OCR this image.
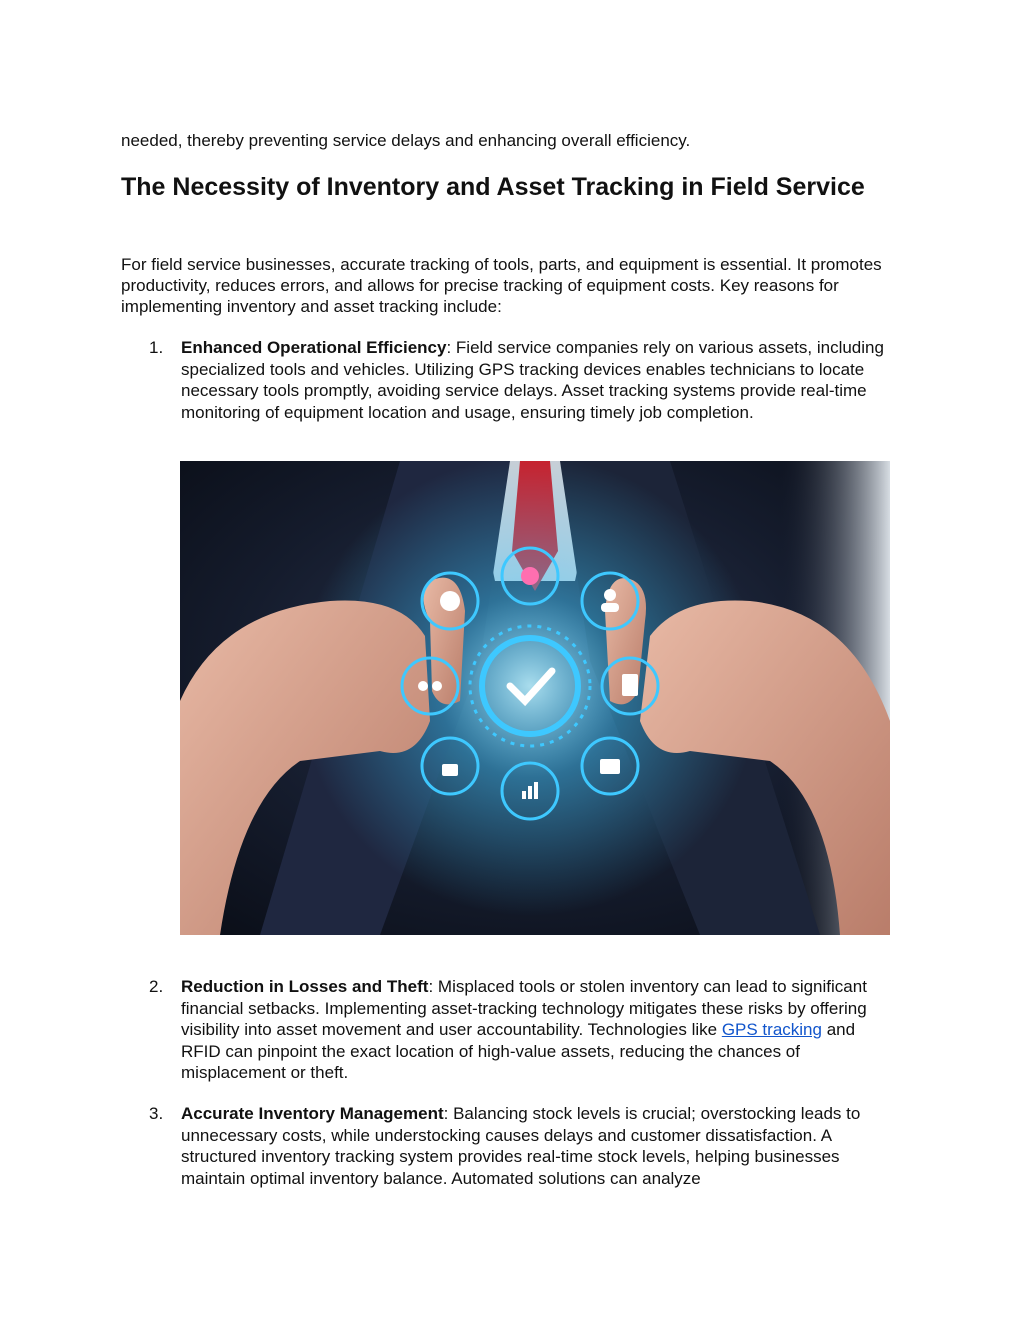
needed, thereby preventing service delays and enhancing overall efficiency.

The Necessity of Inventory and Asset Tracking in Field Service

For field service businesses, accurate tracking of tools, parts, and equipment is essential. It promotes productivity, reduces errors, and allows for precise tracking of equipment costs. Key reasons for implementing inventory and asset tracking include:

1.	Enhanced Operational Efficiency: Field service companies rely on various assets, including specialized tools and vehicles. Utilizing GPS tracking devices enables technicians to locate necessary tools promptly, avoiding service delays. Asset tracking systems provide real-time monitoring of equipment location and usage, ensuring timely job completion.

2.	Reduction in Losses and Theft: Misplaced tools or stolen inventory can lead to significant financial setbacks. Implementing asset-tracking technology mitigates these risks by offering visibility into asset movement and user accountability. Technologies like GPS tracking and RFID can pinpoint the exact location of high-value assets, reducing the chances of misplacement or theft.

3.	Accurate Inventory Management: Balancing stock levels is crucial; overstocking leads to unnecessary costs, while understocking causes delays and customer dissatisfaction. A structured inventory tracking system provides real-time stock levels, helping businesses maintain optimal inventory balance. Automated solutions can analyze
